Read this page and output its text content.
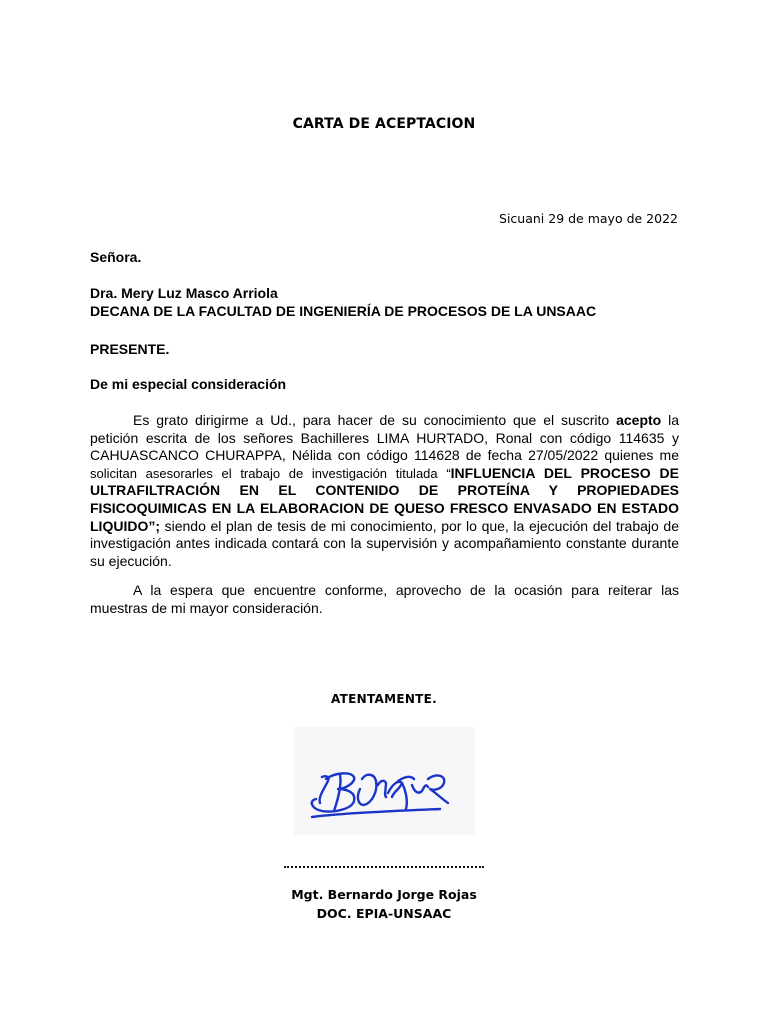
CARTA DE ACEPTACION
Sicuani 29 de mayo de 2022
Señora.
Dra. Mery Luz Masco Arriola
DECANA DE LA FACULTAD DE INGENIERÍA DE PROCESOS DE LA UNSAAC
PRESENTE.
De mi especial consideración

Es grato dirigirme a Ud., para hacer de su conocimiento que el suscrito acepto la petición escrita de los señores Bachilleres LIMA HURTADO, Ronal con código 114635 y CAHUASCANCO CHURAPPA, Nélida con código 114628 de fecha 27/05/2022 quienes me solicitan asesorarles el trabajo de investigación titulada “INFLUENCIA DEL PROCESO DE ULTRAFILTRACIÓN EN EL CONTENIDO DE PROTEÍNA Y PROPIEDADES FISICOQUIMICAS EN LA ELABORACION DE QUESO FRESCO ENVASADO EN ESTADO LIQUIDO”; siendo el plan de tesis de mi conocimiento, por lo que, la ejecución del trabajo de investigación antes indicada contará con la supervisión y acompañamiento constante durante su ejecución.

A la espera que encuentre conforme, aprovecho de la ocasión para reiterar las muestras de mi mayor consideración.

ATENTAMENTE.
Mgt. Bernardo Jorge Rojas
DOC. EPIA-UNSAAC
